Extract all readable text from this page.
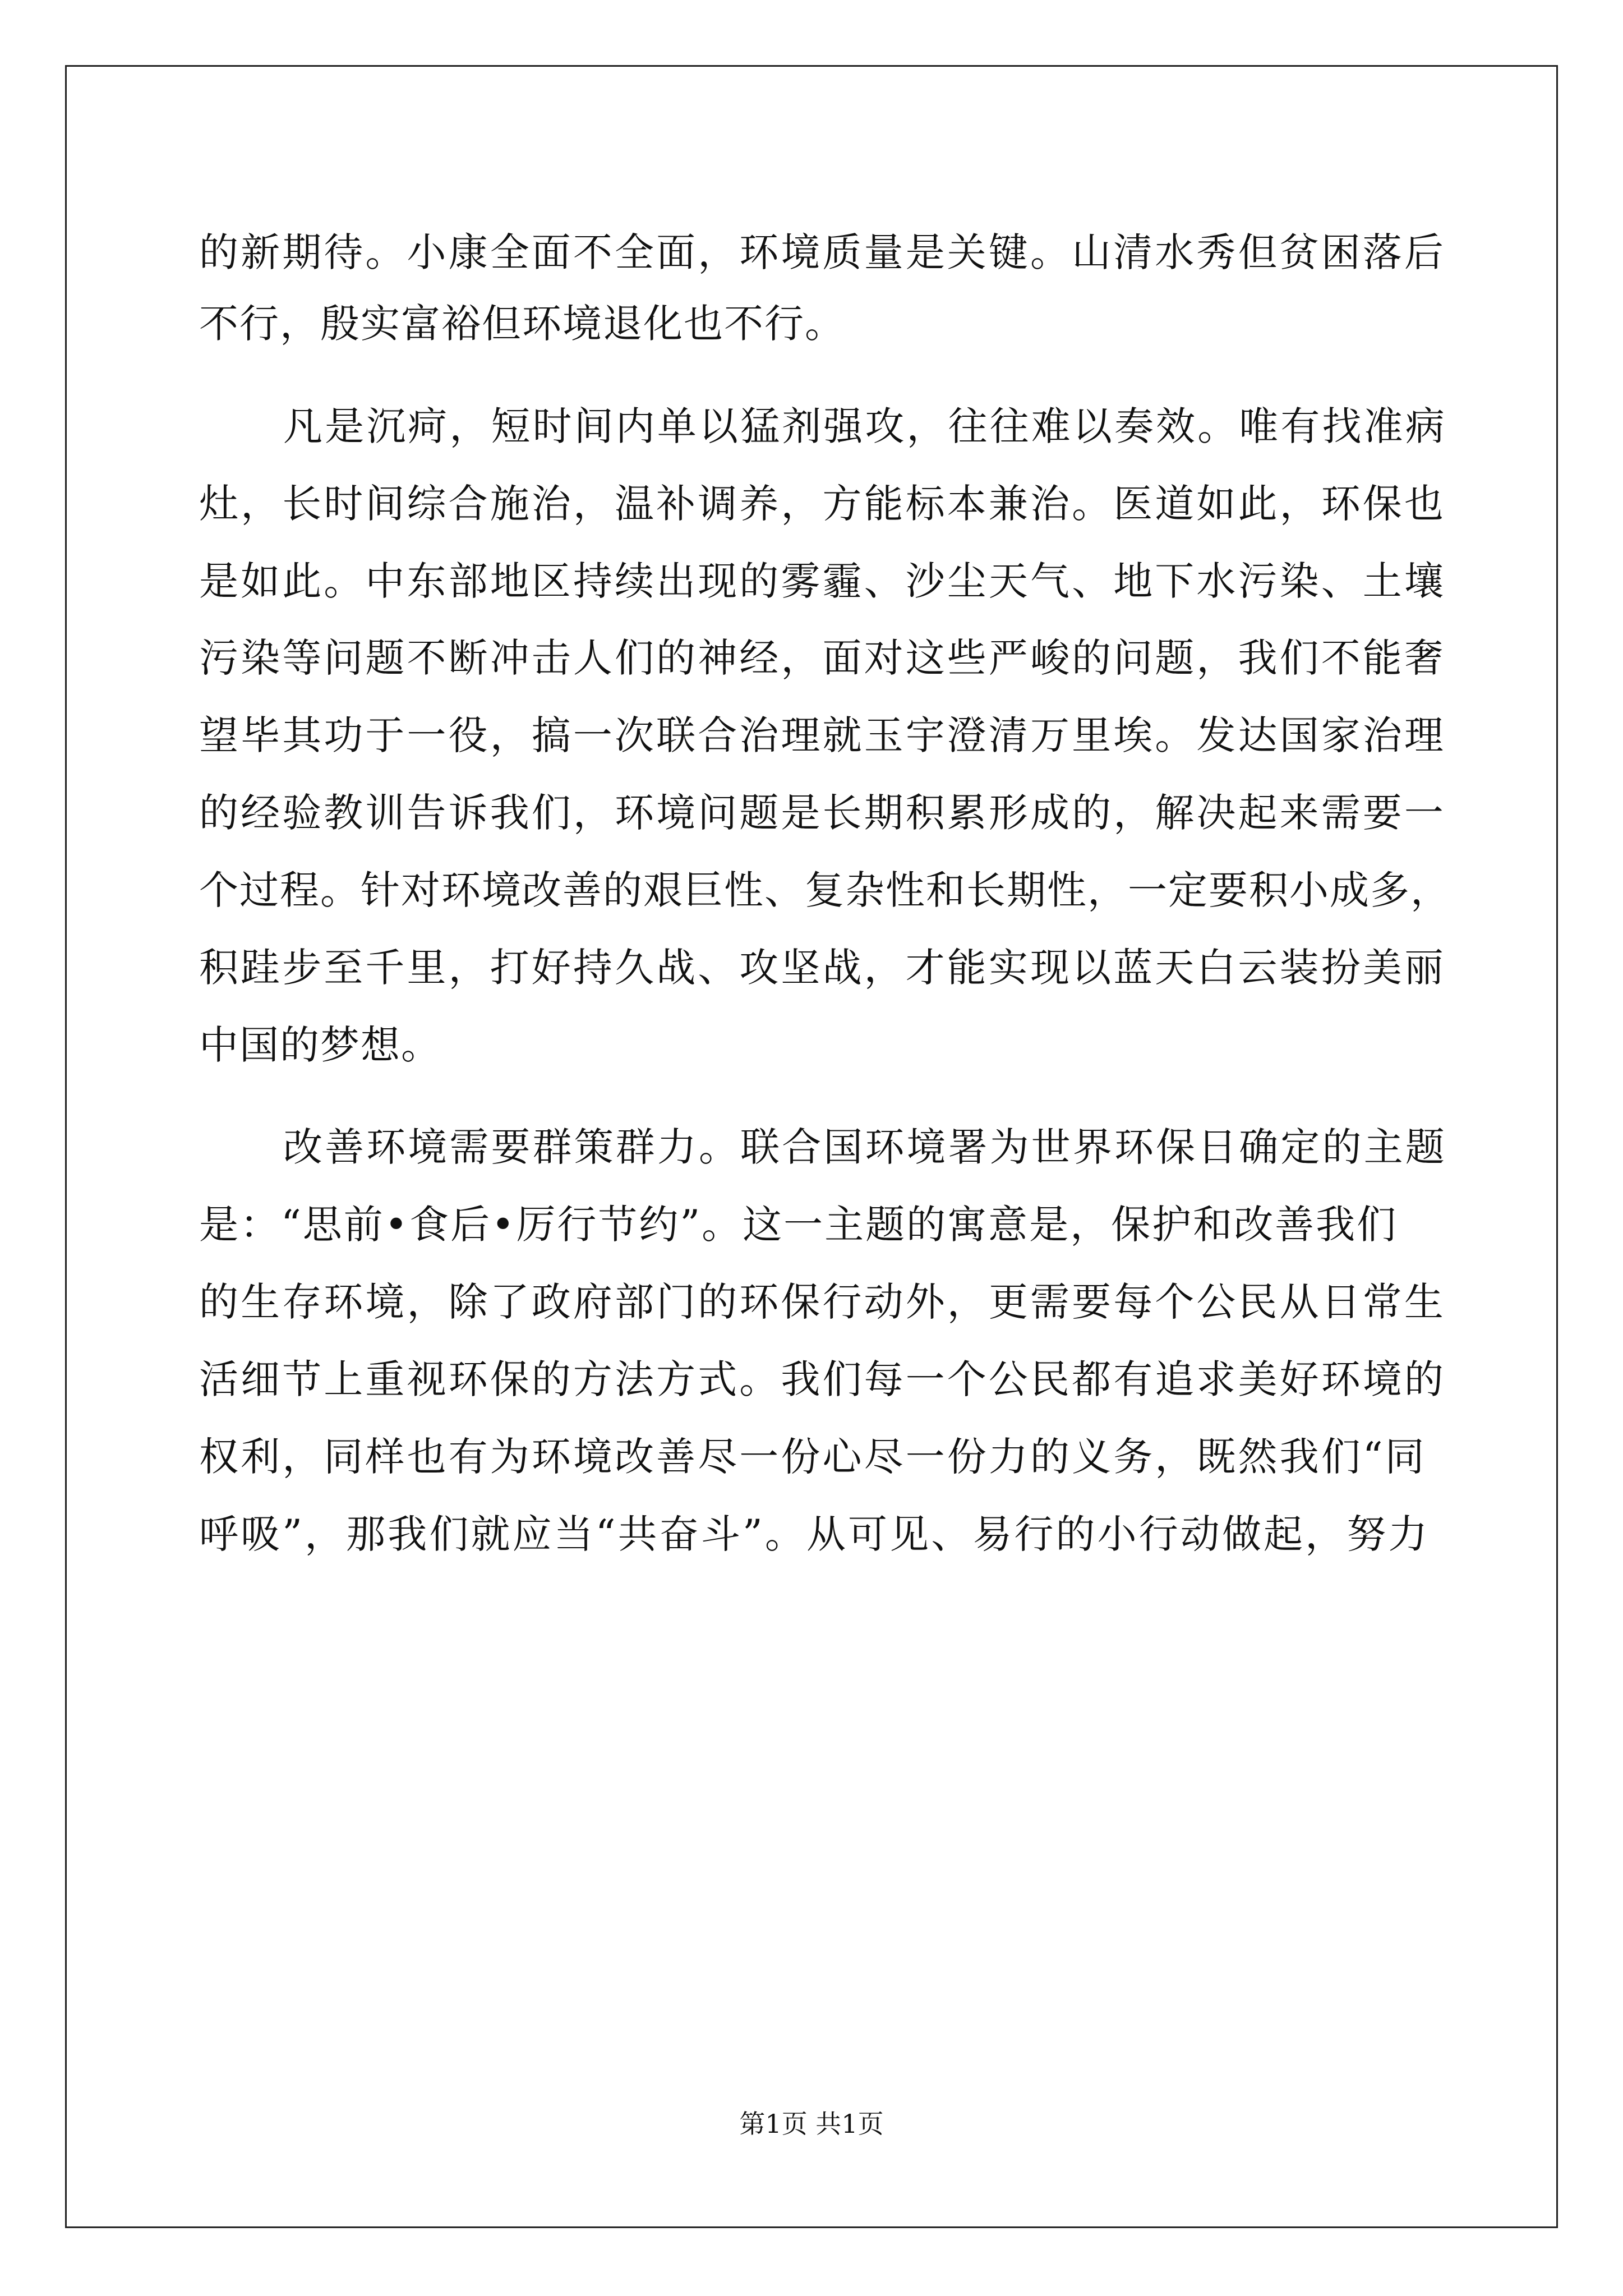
的新期待。小康全面不全面，环境质量是关键。山清水秀但贫困落后
不行，殷实富裕但环境退化也不行。
凡是沉疴，短时间内单以猛剂强攻，往往难以奏效。唯有找准病
灶，长时间综合施治，温补调养，方能标本兼治。医道如此，环保也
是如此。中东部地区持续出现的雾霾、沙尘天气、地下水污染、土壤
污染等问题不断冲击人们的神经，面对这些严峻的问题，我们不能奢
望毕其功于一役，搞一次联合治理就玉宇澄清万里埃。发达国家治理
的经验教训告诉我们，环境问题是长期积累形成的，解决起来需要一
个过程。针对环境改善的艰巨性、复杂性和长期性，一定要积小成多，
积跬步至千里，打好持久战、攻坚战，才能实现以蓝天白云装扮美丽
中国的梦想。
改善环境需要群策群力。联合国环境署为世界环保日确定的主题
是：“思前•食后•厉行节约”。这一主题的寓意是，保护和改善我们
的生存环境，除了政府部门的环保行动外，更需要每个公民从日常生
活细节上重视环保的方法方式。我们每一个公民都有追求美好环境的
权利，同样也有为环境改善尽一份心尽一份力的义务，既然我们“同
呼吸”，那我们就应当“共奋斗”。从可见、易行的小行动做起，努力
第1页 共1页
